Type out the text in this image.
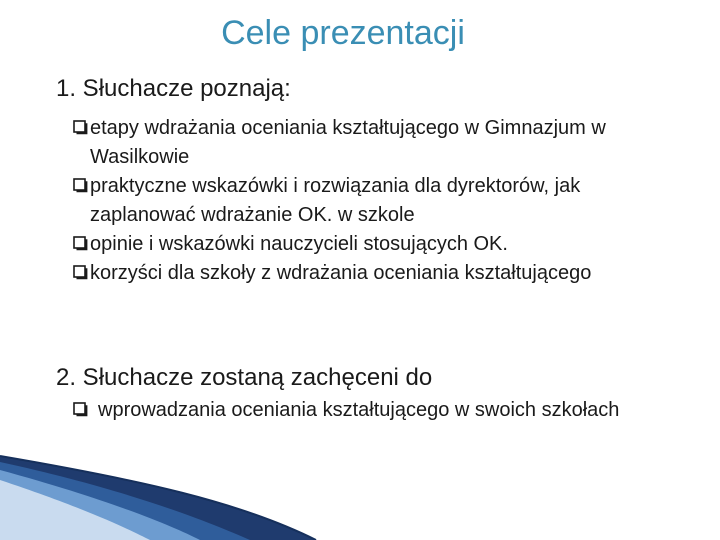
Cele prezentacji
1. Słuchacze poznają:
etapy wdrażania oceniania kształtującego w Gimnazjum w Wasilkowie
praktyczne wskazówki i rozwiązania dla dyrektorów, jak zaplanować wdrażanie OK. w szkole
opinie i wskazówki nauczycieli stosujących OK.
korzyści dla szkoły z wdrażania oceniania kształtującego
2. Słuchacze zostaną zachęceni do
wprowadzania oceniania kształtującego w swoich szkołach
